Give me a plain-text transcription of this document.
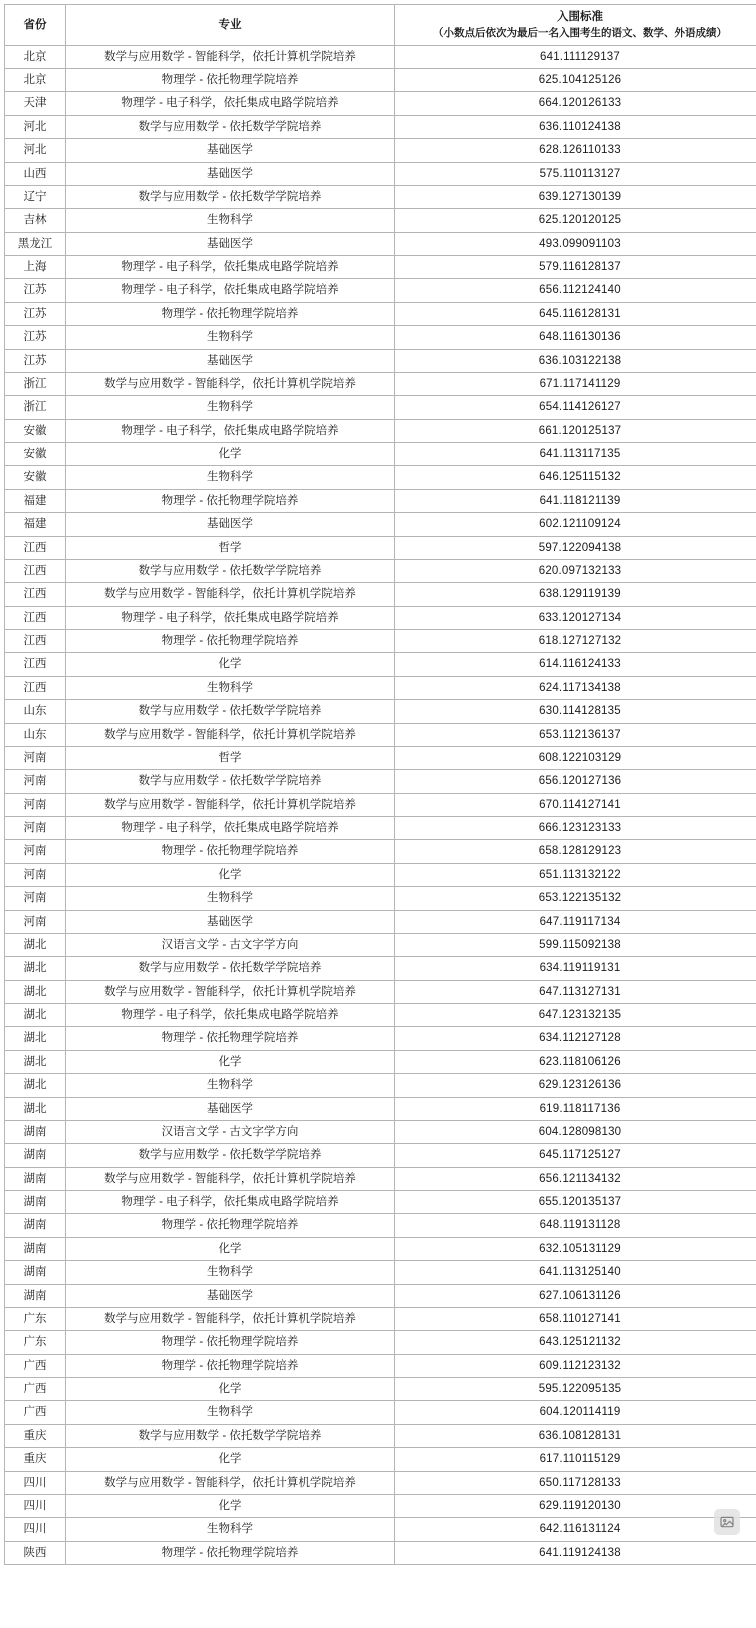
省份	专业	入围标准
（小数点后依次为最后一名入围考生的语文、数学、外语成绩）

北京	数学与应用数学 - 智能科学，依托计算机学院培养	641.111129137
北京	物理学 - 依托物理学院培养	625.104125126
天津	物理学 - 电子科学，依托集成电路学院培养	664.120126133
河北	数学与应用数学 - 依托数学学院培养	636.110124138
河北	基础医学	628.126110133
山西	基础医学	575.110113127
辽宁	数学与应用数学 - 依托数学学院培养	639.127130139
吉林	生物科学	625.120120125
黑龙江	基础医学	493.099091103
上海	物理学 - 电子科学，依托集成电路学院培养	579.116128137
江苏	物理学 - 电子科学，依托集成电路学院培养	656.112124140
江苏	物理学 - 依托物理学院培养	645.116128131
江苏	生物科学	648.116130136
江苏	基础医学	636.103122138
浙江	数学与应用数学 - 智能科学，依托计算机学院培养	671.117141129
浙江	生物科学	654.114126127
安徽	物理学 - 电子科学，依托集成电路学院培养	661.120125137
安徽	化学	641.113117135
安徽	生物科学	646.125115132
福建	物理学 - 依托物理学院培养	641.118121139
福建	基础医学	602.121109124
江西	哲学	597.122094138
江西	数学与应用数学 - 依托数学学院培养	620.097132133
江西	数学与应用数学 - 智能科学，依托计算机学院培养	638.129119139
江西	物理学 - 电子科学，依托集成电路学院培养	633.120127134
江西	物理学 - 依托物理学院培养	618.127127132
江西	化学	614.116124133
江西	生物科学	624.117134138
山东	数学与应用数学 - 依托数学学院培养	630.114128135
山东	数学与应用数学 - 智能科学，依托计算机学院培养	653.112136137
河南	哲学	608.122103129
河南	数学与应用数学 - 依托数学学院培养	656.120127136
河南	数学与应用数学 - 智能科学，依托计算机学院培养	670.114127141
河南	物理学 - 电子科学，依托集成电路学院培养	666.123123133
河南	物理学 - 依托物理学院培养	658.128129123
河南	化学	651.113132122
河南	生物科学	653.122135132
河南	基础医学	647.119117134
湖北	汉语言文学 - 古文字学方向	599.115092138
湖北	数学与应用数学 - 依托数学学院培养	634.119119131
湖北	数学与应用数学 - 智能科学，依托计算机学院培养	647.113127131
湖北	物理学 - 电子科学，依托集成电路学院培养	647.123132135
湖北	物理学 - 依托物理学院培养	634.112127128
湖北	化学	623.118106126
湖北	生物科学	629.123126136
湖北	基础医学	619.118117136
湖南	汉语言文学 - 古文字学方向	604.128098130
湖南	数学与应用数学 - 依托数学学院培养	645.117125127
湖南	数学与应用数学 - 智能科学，依托计算机学院培养	656.121134132
湖南	物理学 - 电子科学，依托集成电路学院培养	655.120135137
湖南	物理学 - 依托物理学院培养	648.119131128
湖南	化学	632.105131129
湖南	生物科学	641.113125140
湖南	基础医学	627.106131126
广东	数学与应用数学 - 智能科学，依托计算机学院培养	658.110127141
广东	物理学 - 依托物理学院培养	643.125121132
广西	物理学 - 依托物理学院培养	609.112123132
广西	化学	595.122095135
广西	生物科学	604.120114119
重庆	数学与应用数学 - 依托数学学院培养	636.108128131
重庆	化学	617.110115129
四川	数学与应用数学 - 智能科学，依托计算机学院培养	650.117128133
四川	化学	629.119120130
四川	生物科学	642.116131124
陕西	物理学 - 依托物理学院培养	641.119124138
